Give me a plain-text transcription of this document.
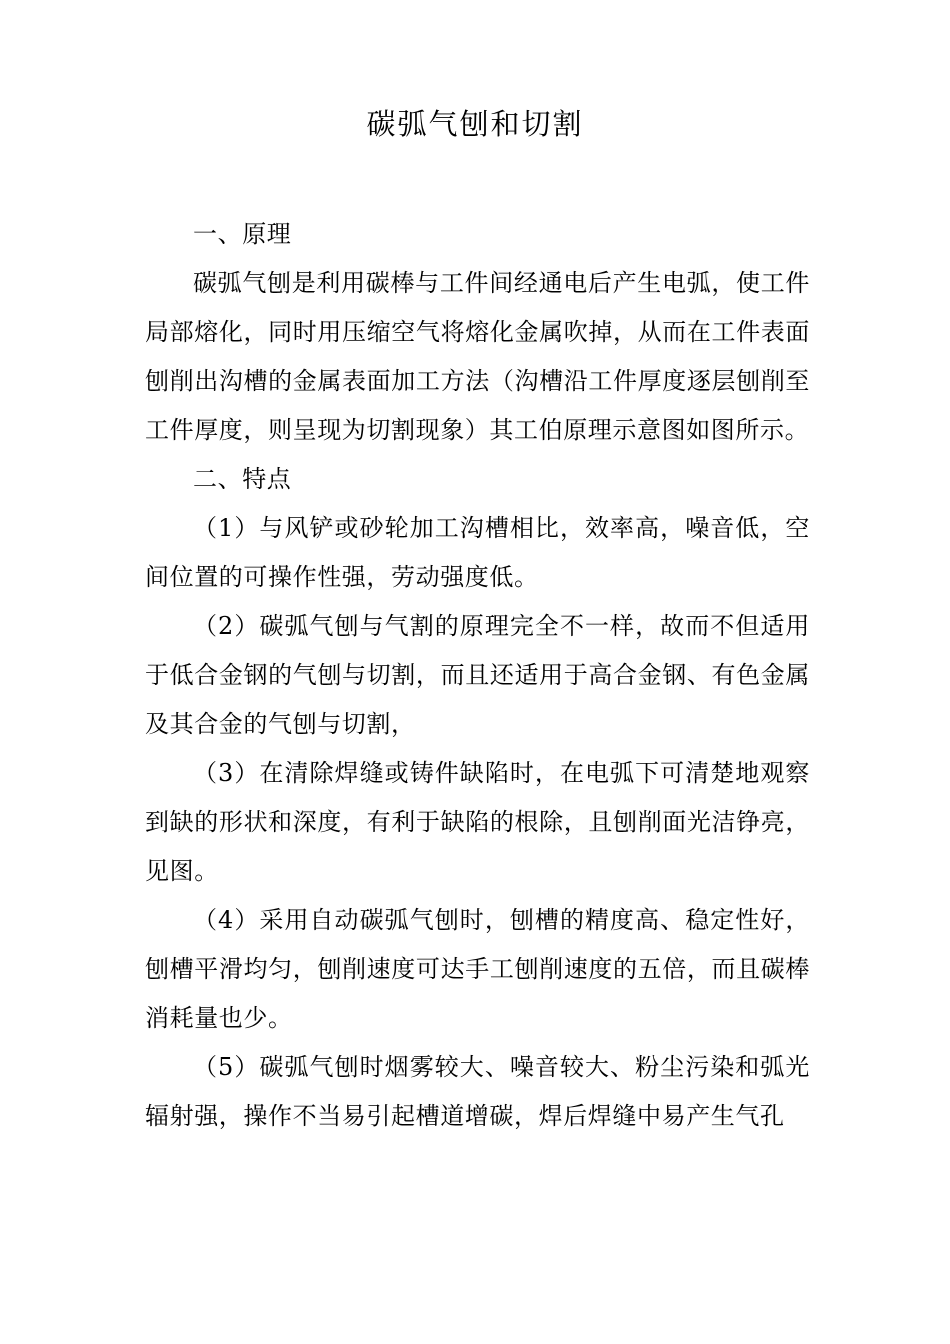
碳弧气刨和切割

一、原理

碳弧气刨是利用碳棒与工件间经通电后产生电弧，使工件局部熔化，同时用压缩空气将熔化金属吹掉，从而在工件表面刨削出沟槽的金属表面加工方法（沟槽沿工件厚度逐层刨削至工件厚度，则呈现为切割现象）其工伯原理示意图如图所示。

二、特点

（1）与风铲或砂轮加工沟槽相比，效率高，噪音低，空间位置的可操作性强，劳动强度低。

（2）碳弧气刨与气割的原理完全不一样，故而不但适用于低合金钢的气刨与切割，而且还适用于高合金钢、有色金属及其合金的气刨与切割，

（3）在清除焊缝或铸件缺陷时，在电弧下可清楚地观察到缺的形状和深度，有利于缺陷的根除，且刨削面光洁铮亮，见图。

（4）采用自动碳弧气刨时，刨槽的精度高、稳定性好，刨槽平滑均匀，刨削速度可达手工刨削速度的五倍，而且碳棒消耗量也少。

（5）碳弧气刨时烟雾较大、噪音较大、粉尘污染和弧光辐射强，操作不当易引起槽道增碳，焊后焊缝中易产生气孔
